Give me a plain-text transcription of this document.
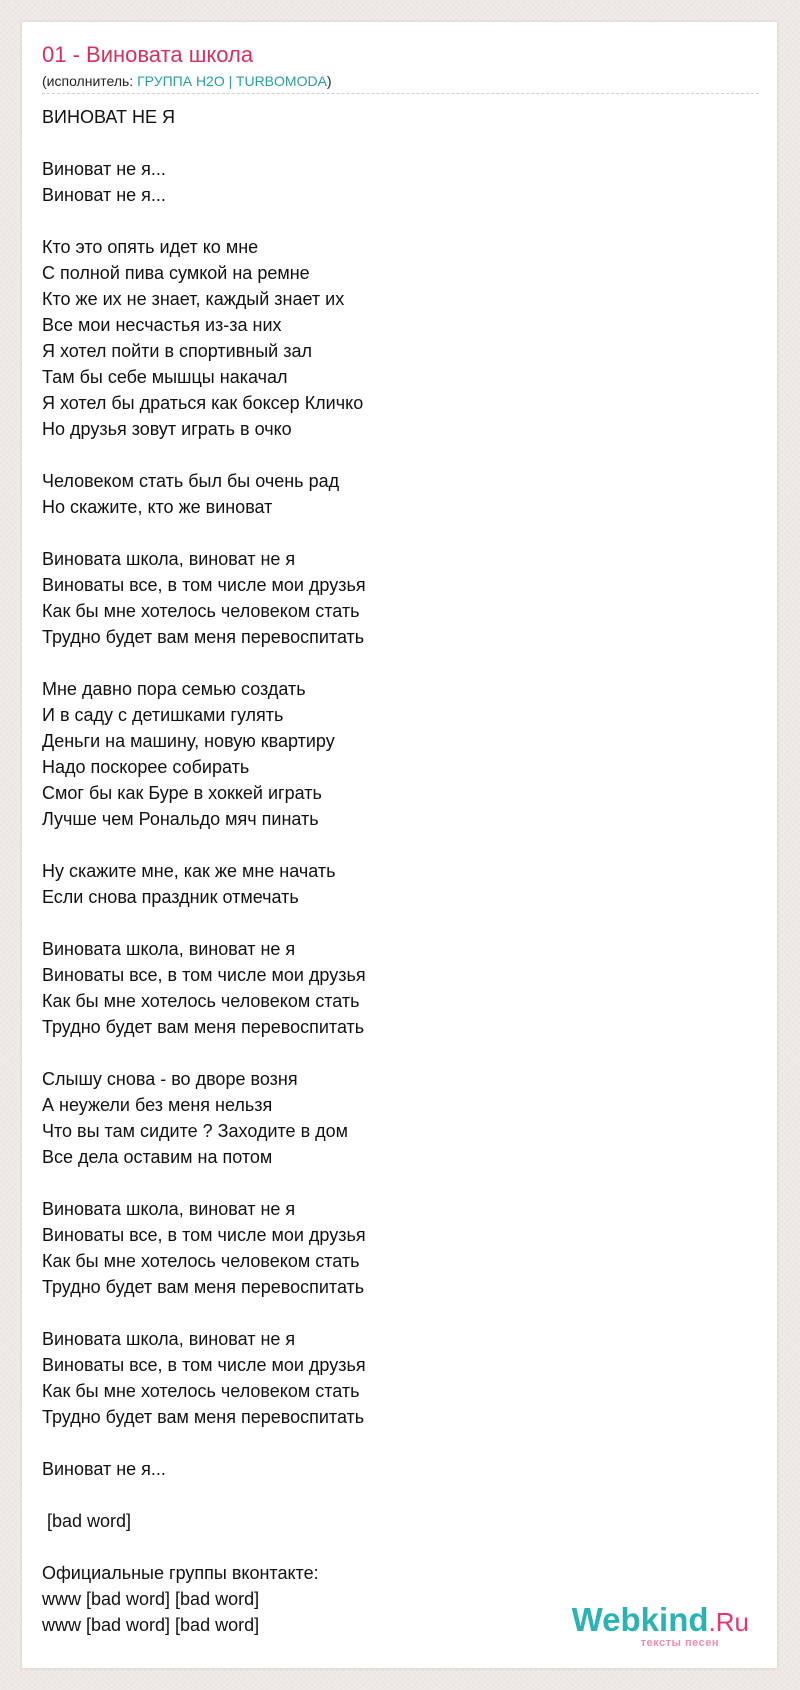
01 - Виновата школа
(исполнитель: ГРУППА H2O | TURBOMODA)
ВИНОВАТ НЕ Я
Виноват не я...
Виноват не я...
Кто это опять идет ко мне
С полной пива сумкой на ремне
Кто же их не знает, каждый знает их
Все мои несчастья из-за них
Я хотел пойти в спортивный зал
Там бы себе мышцы накачал
Я хотел бы драться как боксер Кличко
Но друзья зовут играть в очко
Человеком стать был бы очень рад
Но скажите, кто же виноват
Виновата школа, виноват не я
Виноваты все, в том числе мои друзья
Как бы мне хотелось человеком стать
Трудно будет вам меня перевоспитать
Мне давно пора семью создать
И в саду с детишками гулять
Деньги на машину, новую квартиру
Надо поскорее собирать
Смог бы как Буре в хоккей играть
Лучше чем Рональдо мяч пинать
Ну скажите мне, как же мне начать
Если снова праздник отмечать
Виновата школа, виноват не я
Виноваты все, в том числе мои друзья
Как бы мне хотелось человеком стать
Трудно будет вам меня перевоспитать
Слышу снова - во дворе возня
А неужели без меня нельзя
Что вы там сидите ? Заходите в дом
Все дела оставим на потом
Виновата школа, виноват не я
Виноваты все, в том числе мои друзья
Как бы мне хотелось человеком стать
Трудно будет вам меня перевоспитать
Виновата школа, виноват не я
Виноваты все, в том числе мои друзья
Как бы мне хотелось человеком стать
Трудно будет вам меня перевоспитать
Виноват не я...
[bad word]
Официальные группы вконтакте:
www [bad word] [bad word]
www [bad word] [bad word]	Webkind.Ru
тексты песен
